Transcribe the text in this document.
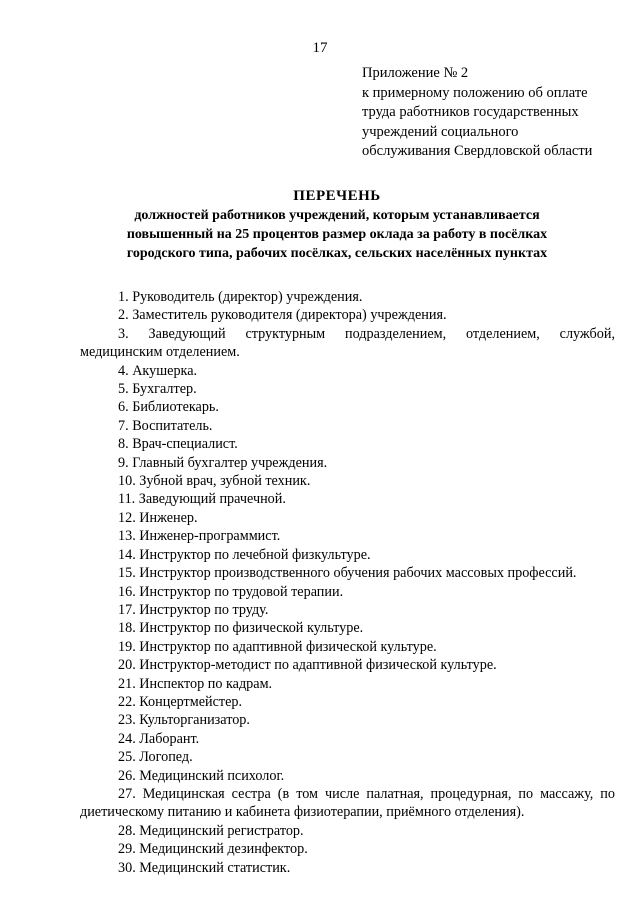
17
Приложение № 2
к примерному положению об оплате
труда работников государственных
учреждений социального
обслуживания Свердловской области
ПЕРЕЧЕНЬ
должностей работников учреждений, которым устанавливается
повышенный на 25 процентов размер оклада за работу в посёлках
городского типа, рабочих посёлках, сельских населённых пунктах
1. Руководитель (директор) учреждения.
2. Заместитель руководителя (директора) учреждения.
3. Заведующий структурным подразделением, отделением, службой, медицинским отделением.
4. Акушерка.
5. Бухгалтер.
6. Библиотекарь.
7. Воспитатель.
8. Врач-специалист.
9. Главный бухгалтер учреждения.
10. Зубной врач, зубной техник.
11. Заведующий прачечной.
12. Инженер.
13. Инженер-программист.
14. Инструктор по лечебной физкультуре.
15. Инструктор производственного обучения рабочих массовых профессий.
16. Инструктор по трудовой терапии.
17. Инструктор по труду.
18. Инструктор по физической культуре.
19. Инструктор по адаптивной физической культуре.
20. Инструктор-методист по адаптивной физической культуре.
21. Инспектор по кадрам.
22. Концертмейстер.
23. Культорганизатор.
24. Лаборант.
25. Логопед.
26. Медицинский психолог.
27. Медицинская сестра (в том числе палатная, процедурная, по массажу, по диетическому питанию и кабинета физиотерапии, приёмного отделения).
28. Медицинский регистратор.
29. Медицинский дезинфектор.
30. Медицинский статистик.
